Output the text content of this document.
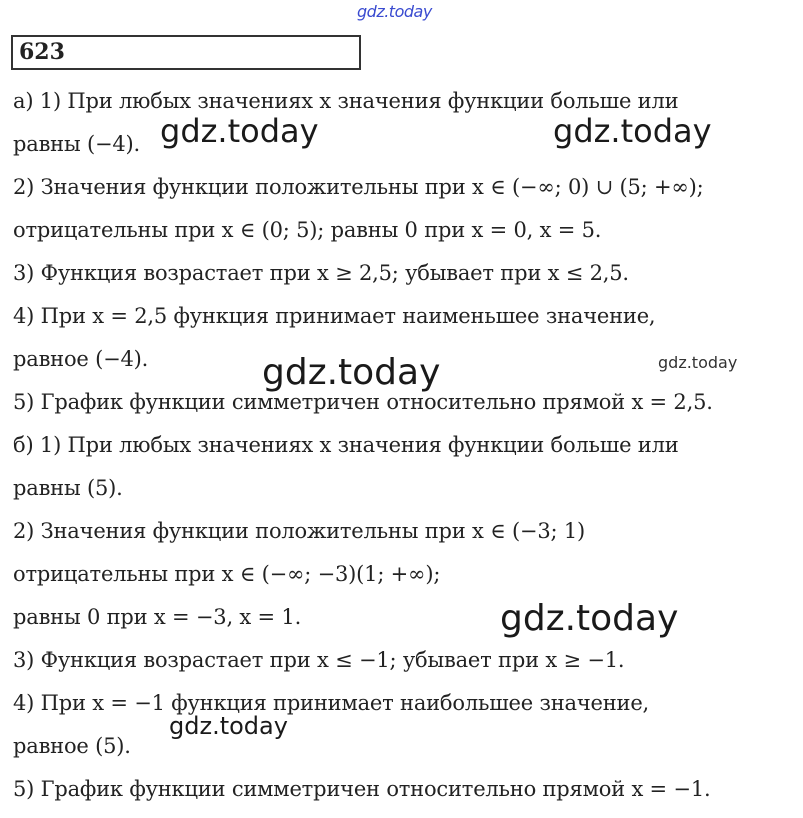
gdz.today
623
а) 1) При любых значениях x значения функции больше или
равны (−4).
2) Значения функции положительны при x ∈ (−∞; 0) ∪ (5; +∞);
отрицательны при x ∈ (0; 5); равны 0 при x = 0, x = 5.
3) Функция возрастает при x ≥ 2,5; убывает при x ≤ 2,5.
4) При x = 2,5 функция принимает наименьшее значение,
равное (−4).
5) График функции симметричен относительно прямой x = 2,5.
б) 1) При любых значениях x значения функции больше или
равны (5).
2) Значения функции положительны при x ∈ (−3; 1)
отрицательны при x ∈ (−∞; −3)(1; +∞);
равны 0 при x = −3, x = 1.
3) Функция возрастает при x ≤ −1; убывает при x ≥ −1.
4) При x = −1 функция принимает наибольшее значение,
равное (5).
5) График функции симметричен относительно прямой x = −1.
gdz.today	gdz.today
gdz.today
gdz.today
gdz.today
gdz.today
